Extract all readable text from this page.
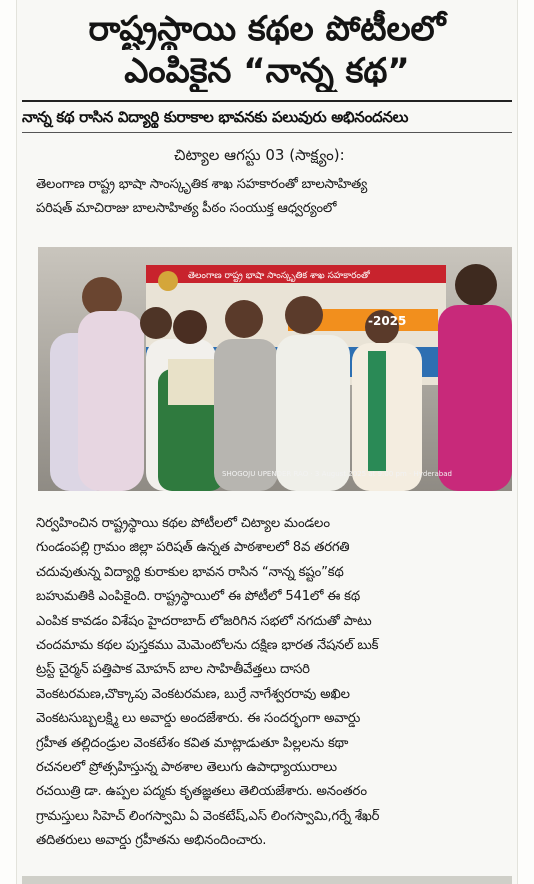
రాష్ట్రస్థాయి కథల పోటీలలో
ఎంపికైన “నాన్న కథ”
నాన్న కథ రాసిన విద్యార్థి కురాకాల భావనకు పలువురు అభినందనలు
చిట్యాల ఆగస్టు 03 (సాక్ష్యం):
తెలంగాణ రాష్ట్ర భాషా సాంస్కృతిక శాఖ సహకారంతో బాలసాహిత్య
పరిషత్ మాచిరాజు బాలసాహిత్య పీఠం సంయుక్త ఆధ్వర్యంలో
తెలంగాణ రాష్ట్ర భాషా సాంస్కృతిక శాఖ సహకారంతో
-2025
SHOGOJU UPENDER RAO · 3 August 2025 at 9:00 pm · Hyderabad
నిర్వహించిన రాష్ట్రస్థాయి కథల పోటీలలో చిట్యాల మండలం
గుండంపల్లి గ్రామం జిల్లా పరిషత్ ఉన్నత పాఠశాలలో 8వ తరగతి
చదువుతున్న విద్యార్థి కురాకుల భావన రాసిన “నాన్న కష్టం”కథ
బహుమతికి ఎంపికైంది. రాష్ట్రస్థాయిలో ఈ పోటీలో 541లో ఈ కథ
ఎంపిక కావడం విశేషం హైదరాబాద్ లోజరిగిన సభలో నగదుతో పాటు
చందమామ కథల పుస్తకము మెమెంటోలను దక్షిణ భారత నేషనల్ బుక్
ట్రస్ట్ చైర్మన్ పత్తిపాక మోహన్ బాల సాహితీవేత్తలు దాసరి
వెంకటరమణ,చొక్కాపు వెంకటరమణ, బుర్రే నాగేశ్వరరావు అఖిల
వెంకటసుబ్బలక్ష్మి లు అవార్డు అందజేశారు. ఈ సందర్భంగా అవార్డు
గ్రహీత తల్లిదండ్రుల వెంకటేశం కవిత మాట్లాడుతూ పిల్లలను కథా
రచనలలో ప్రోత్సహిస్తున్న పాఠశాల తెలుగు ఉపాధ్యాయురాలు
రచయిత్రి డా. ఉప్పల పద్మకు కృతజ్ఞతలు తెలియజేశారు. అనంతరం
గ్రామస్తులు సిహెచ్ లింగస్వామి ఏ వెంకటేష్,ఎస్ లింగస్వామి,గర్నే శేఖర్
తదితరులు అవార్డు గ్రహీతను అభినందించారు.
